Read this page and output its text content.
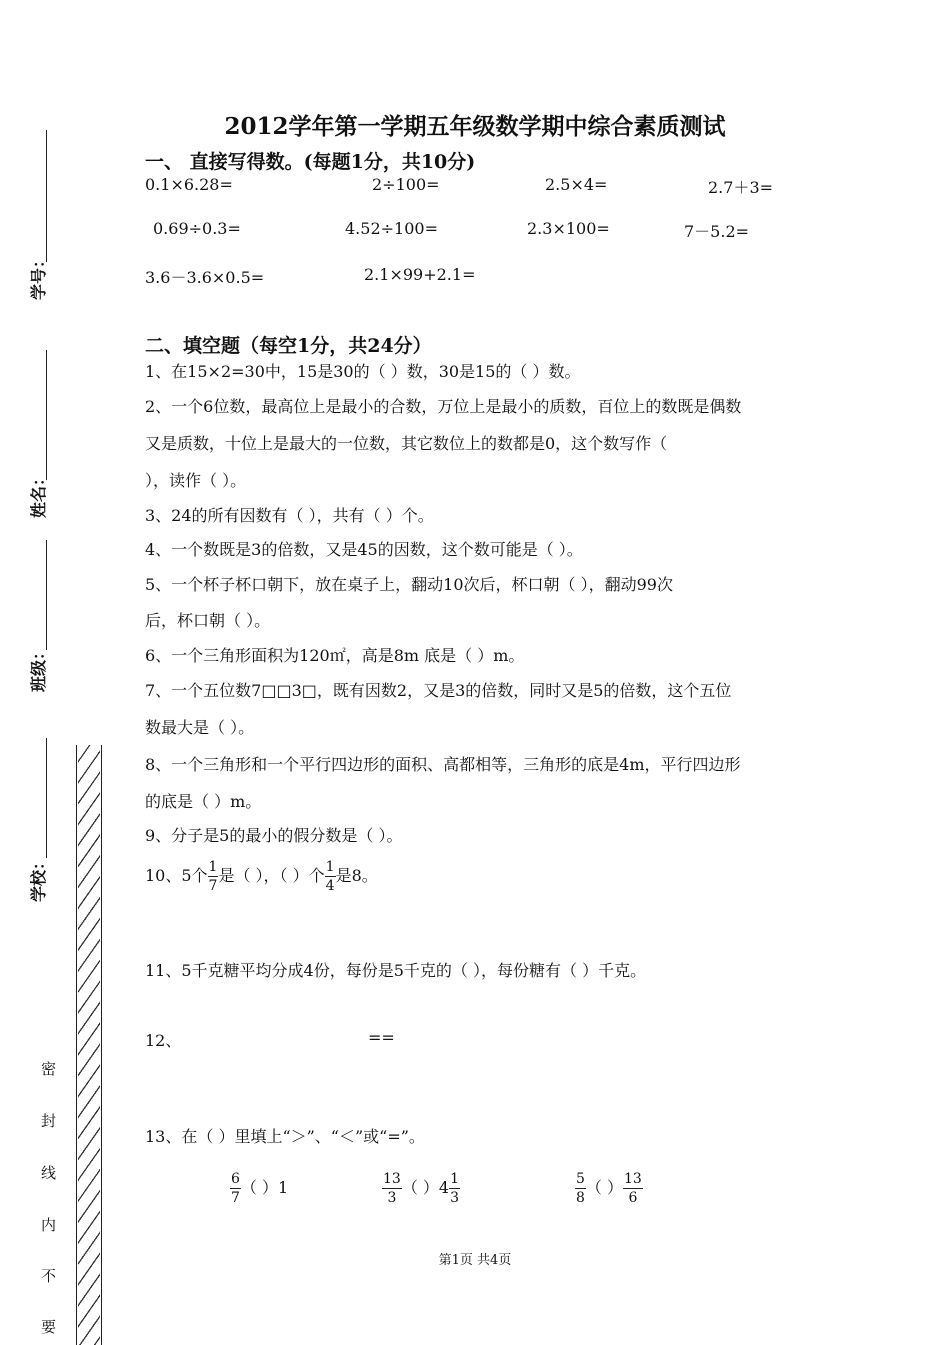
学号：
姓名：
班级：
学校：
密
封
线
内
不
要
2012学年第一学期五年级数学期中综合素质测试
一、 直接写得数。(每题1分，共10分)
0.1×6.28=	2÷100=	2.5×4=	2.7＋3=
0.69÷0.3=	4.52÷100=	2.3×100=	7－5.2=
3.6－3.6×0.5=	2.1×99+2.1=
二、填空题（每空1分，共24分）
1、在15×2=30中，15是30的（ ）数，30是15的（ ）数。
2、一个6位数，最高位上是最小的合数，万位上是最小的质数，百位上的数既是偶数
又是质数，十位上是最大的一位数，其它数位上的数都是0，这个数写作（
），读作（ ）。
3、24的所有因数有（ ），共有（ ）个。
4、一个数既是3的倍数，又是45的因数，这个数可能是（ ）。
5、一个杯子杯口朝下，放在桌子上，翻动10次后，杯口朝（ ），翻动99次
后，杯口朝（ ）。
6、一个三角形面积为120㎡，高是8m 底是（ ）m。
7、一个五位数7□□3□，既有因数2，又是3的倍数，同时又是5的倍数，这个五位
数最大是（ ）。
8、一个三角形和一个平行四边形的面积、高都相等，三角形的底是4m，平行四边形
的底是（ ）m。
9、分子是5的最小的假分数是（ ）。
10、5个 $\frac{1}{7}$ 是（ ），（ ）个 $\frac{1}{4}$ 是8。
11、5千克糖平均分成4份，每份是5千克的（ ），每份糖有（ ）千克。
12、	==
13、在（ ）里填上“＞”、“＜”或“=”。
$\frac{6}{7}$ （ ）1	$\frac{13}{3}$ （ ）$4 \frac{1}{3}$	$\frac{5}{8}$ （ ） $\frac{13}{6}$
第1页 共4页
